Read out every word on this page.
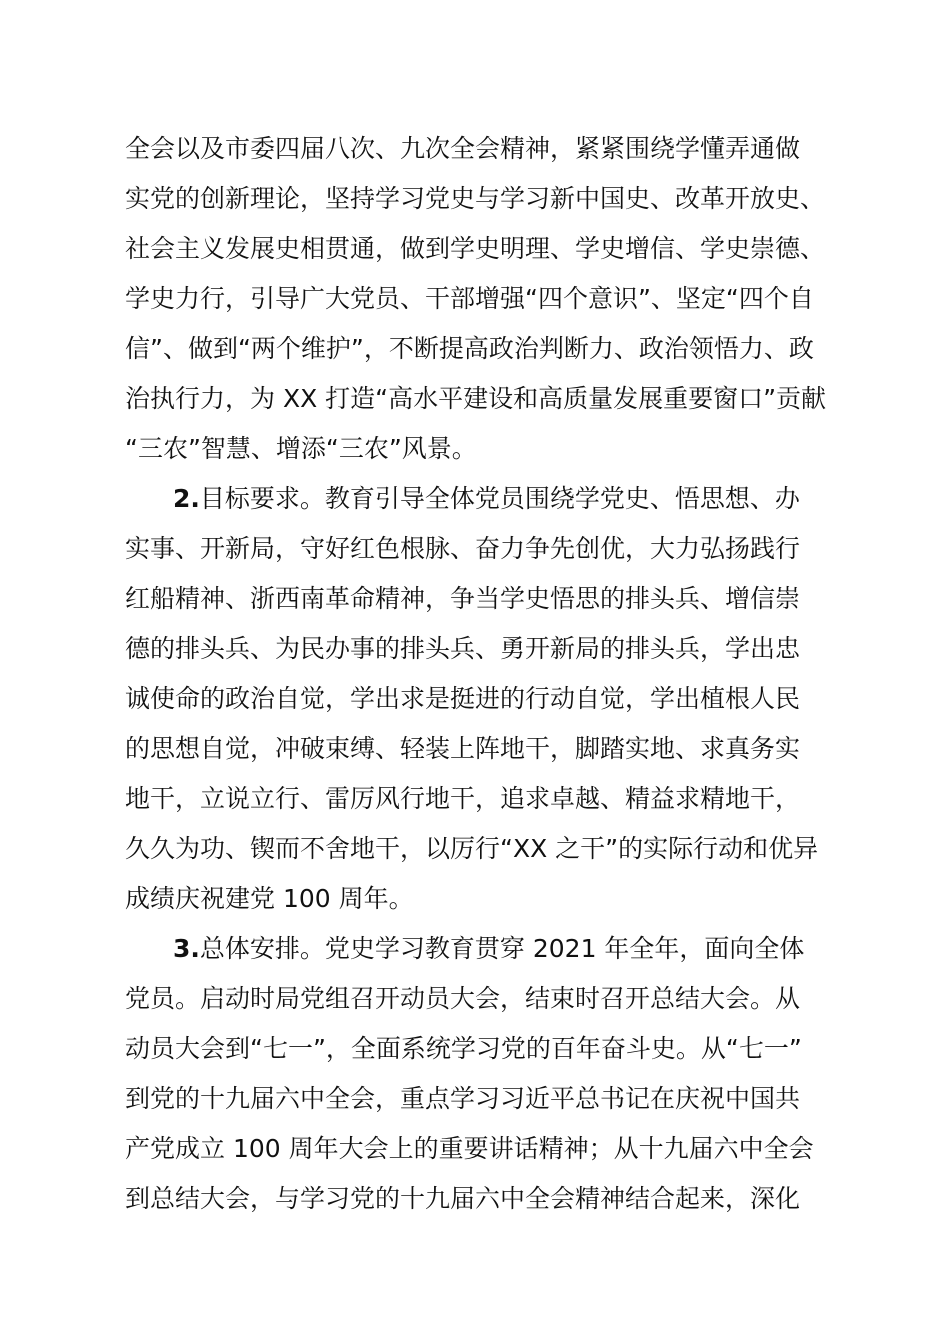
全会以及市委四届八次、九次全会精神，紧紧围绕学懂弄通做
实党的创新理论，坚持学习党史与学习新中国史、改革开放史、
社会主义发展史相贯通，做到学史明理、学史增信、学史崇德、
学史力行，引导广大党员、干部增强“四个意识”、坚定“四个自
信”、做到“两个维护”，不断提高政治判断力、政治领悟力、政
治执行力，为 XX 打造“高水平建设和高质量发展重要窗口”贡献
“三农”智慧、增添“三农”风景。
2.目标要求。教育引导全体党员围绕学党史、悟思想、办
实事、开新局，守好红色根脉、奋力争先创优，大力弘扬践行
红船精神、浙西南革命精神，争当学史悟思的排头兵、增信崇
德的排头兵、为民办事的排头兵、勇开新局的排头兵，学出忠
诚使命的政治自觉，学出求是挺进的行动自觉，学出植根人民
的思想自觉，冲破束缚、轻装上阵地干，脚踏实地、求真务实
地干，立说立行、雷厉风行地干，追求卓越、精益求精地干，
久久为功、锲而不舍地干，以厉行“XX 之干”的实际行动和优异
成绩庆祝建党 100 周年。
3.总体安排。党史学习教育贯穿 2021 年全年，面向全体
党员。启动时局党组召开动员大会，结束时召开总结大会。从
动员大会到“七一”，全面系统学习党的百年奋斗史。从“七一”
到党的十九届六中全会，重点学习习近平总书记在庆祝中国共
产党成立 100 周年大会上的重要讲话精神；从十九届六中全会
到总结大会，与学习党的十九届六中全会精神结合起来，深化
